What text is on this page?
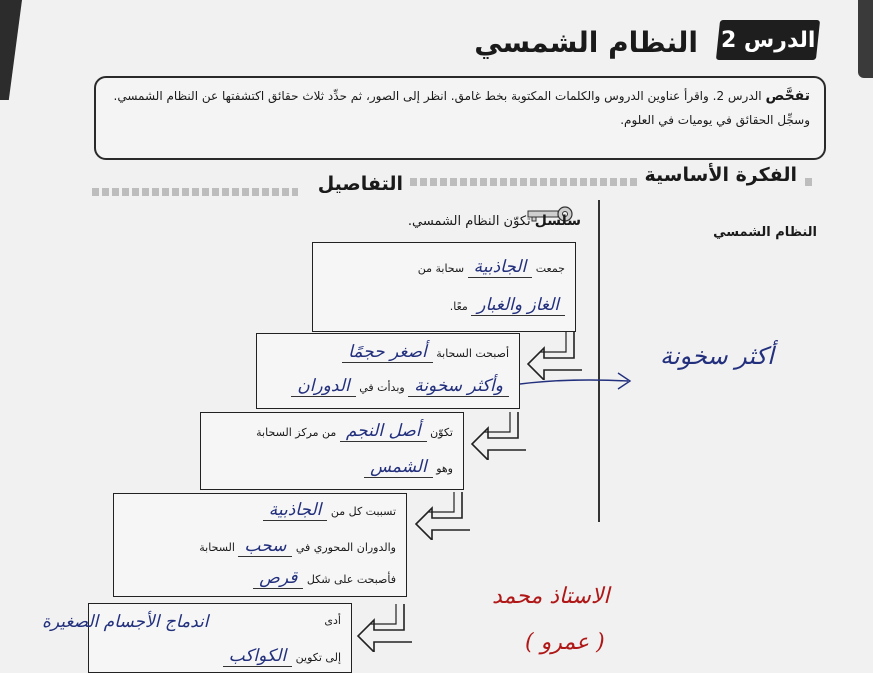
الدرس 2
النظام الشمسي
تفحَّص الدرس 2. واقرأ عناوين الدروس والكلمات المكتوبة بخط غامق. انظر إلى الصور، ثم حدِّد ثلاث حقائق اكتشفتها عن النظام الشمسي. وسجِّل الحقائق في يوميات في العلوم.
الفكرة الأساسية
التفاصيل
النظام الشمسي
سلسل تكوّن النظام الشمسي.
جمعت الجاذبية سحابة من
الغاز والغبار معًا.
أصبحت السحابة أصغر حجمًا
وأكثر سخونة وبدأت في الدوران
تكوّن أصل النجم من مركز السحابة
وهو الشمس
تسببت كل من الجاذبية
والدوران المحوري في سحب السحابة
فأصبحت على شكل قرص
أدى
إلى تكوين الكواكب
اندماج الأجسام الصغيرة
أكثر سخونة
الاستاذ محمد
( عمرو )
